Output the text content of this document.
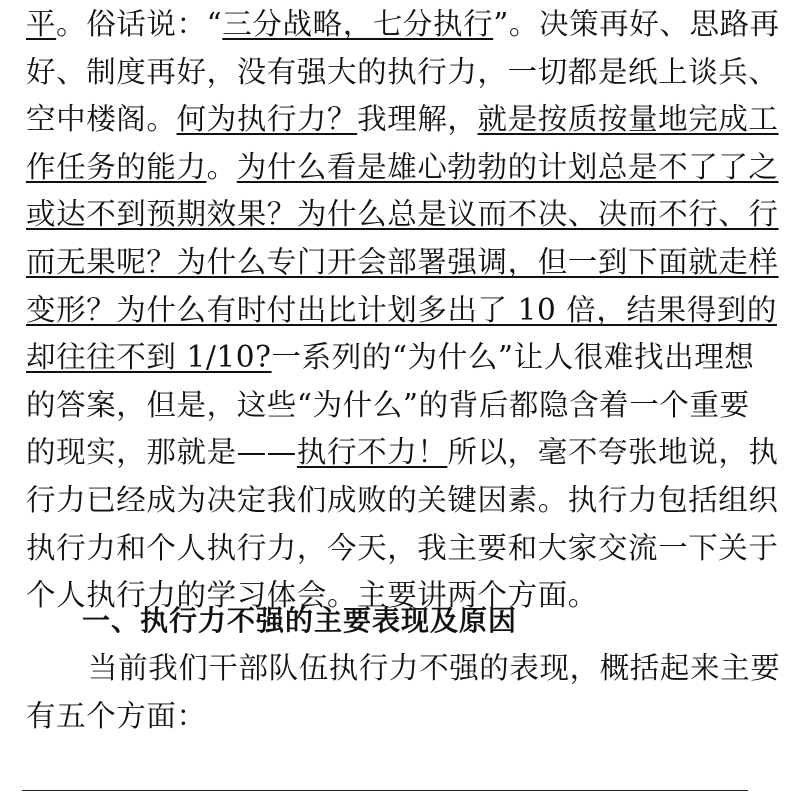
平。俗话说：“三分战略，七分执行”。决策再好、思路再
好、制度再好，没有强大的执行力，一切都是纸上谈兵、
空中楼阁。何为执行力？我理解，就是按质按量地完成工
作任务的能力。为什么看是雄心勃勃的计划总是不了了之
或达不到预期效果？为什么总是议而不决、决而不行、行
而无果呢？为什么专门开会部署强调，但一到下面就走样
变形？为什么有时付出比计划多出了 10 倍，结果得到的
却往往不到 1/10?一系列的“为什么”让人很难找出理想
的答案，但是，这些“为什么”的背后都隐含着一个重要
的现实，那就是——执行不力！所以，毫不夸张地说，执
行力已经成为决定我们成败的关键因素。执行力包括组织
执行力和个人执行力，今天，我主要和大家交流一下关于
个人执行力的学习体会。主要讲两个方面。
一、执行力不强的主要表现及原因
当前我们干部队伍执行力不强的表现，概括起来主要
有五个方面：
